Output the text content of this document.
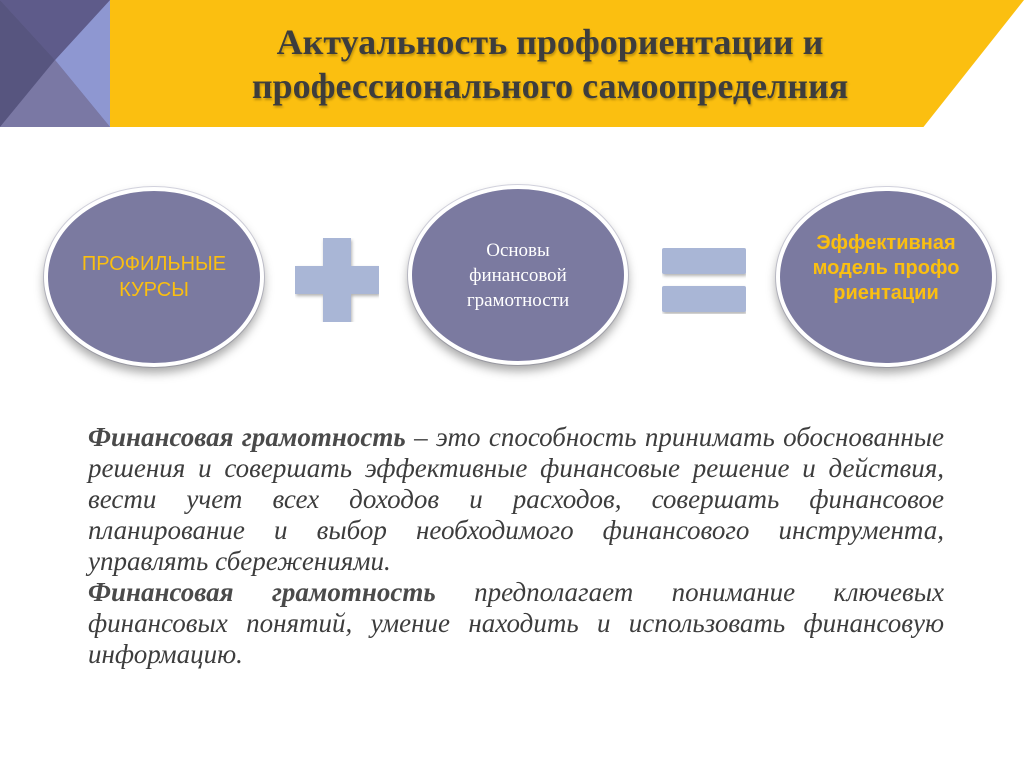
Актуальность профориентации и
профессионального самоопределния
ПРОФИЛЬНЫЕ КУРСЫ
Основы финансовой грамотности
Эффективная модель профориентации

Финансовая грамотность – это способность принимать обоснованные решения и совершать эффективные финансовые решение и действия, вести учет всех доходов и расходов, совершать финансовое планирование и выбор необходимого финансового инструмента, управлять сбережениями.

Финансовая грамотность предполагает понимание ключевых финансовых понятий, умение находить и использовать финансовую информацию.
